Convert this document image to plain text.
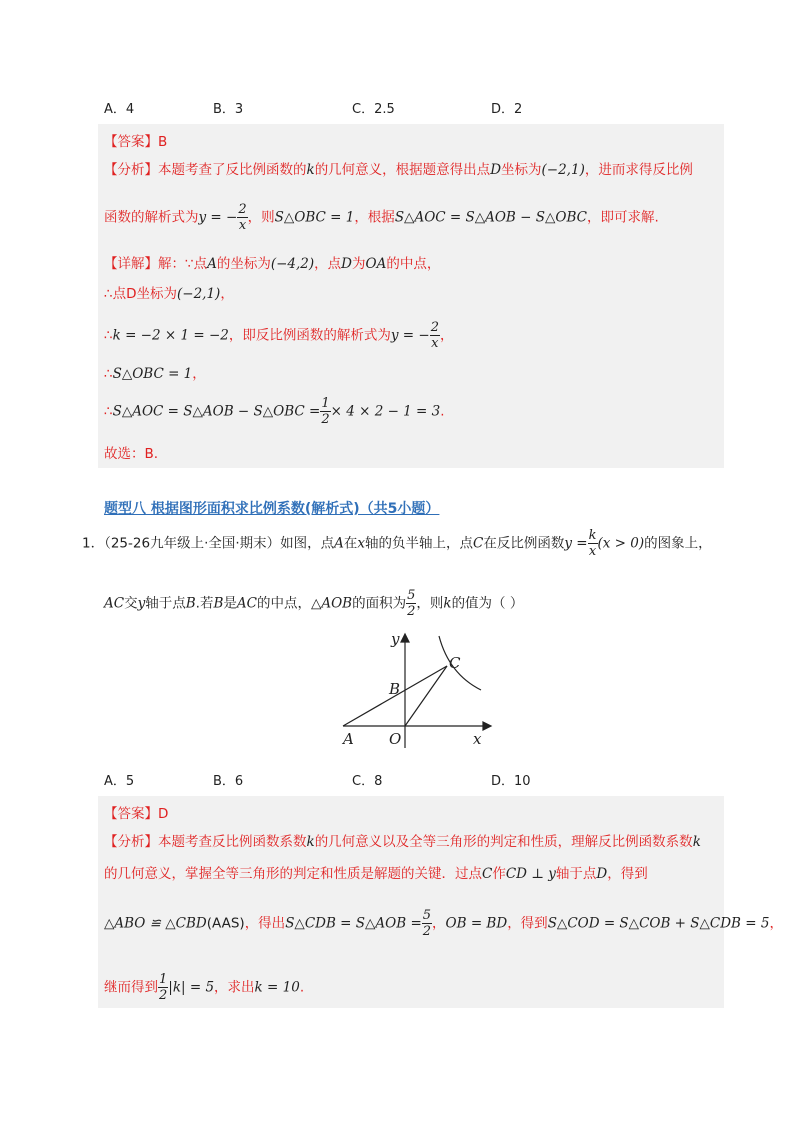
A．4	B．3	C．2.5	D．2
【答案】B
【分析】本题考查了反比例函数的k的几何意义，根据题意得出点D坐标为(−2,1)，进而求得反比例
函数的解析式为y = − $\frac{2}{x}$ ，则S△OBC = 1，根据S△AOC = S△AOB − S△OBC，即可求解.
【详解】解：∵点A的坐标为(−4,2)，点D为OA的中点，
∴点D坐标为(−2,1)，
∴k = −2 × 1 = −2，即反比例函数的解析式为y = − $\frac{2}{x}$ ，
∴S△OBC = 1，
∴S△AOC = S△AOB − S△OBC = $\frac{1}{2} \times 4 \times 2 - 1 = 3$.
故选：B.
题型八 根据图形面积求比例系数(解析式)（共5小题）
1．（25-26九年级上·全国·期末）如图，点A在x轴的负半轴上，点C在反比例函数$y = \frac{k}{x} (x > 0)$的图象上，
AC交y轴于点B.若B是AC的中点，△AOB的面积为 $\frac{5}{2}$ ，则k的值为（ ）
y
x
A O
B
C
A．5	B．6	C．8	D．10
【答案】D
【分析】本题考查反比例函数系数k的几何意义以及全等三角形的判定和性质，理解反比例函数系数k
的几何意义，掌握全等三角形的判定和性质是解题的关键．过点C作CD ⊥ y轴于点D，得到
△ABO ≌ △CBD(AAS)，得出S△CDB = S△AOB = $\frac{5}{2}$ ，OB = BD，得到S△COD = S△COB + S△CDB = 5，
继而得到 $\frac{1}{2} |k| = 5$，求出k = 10.
